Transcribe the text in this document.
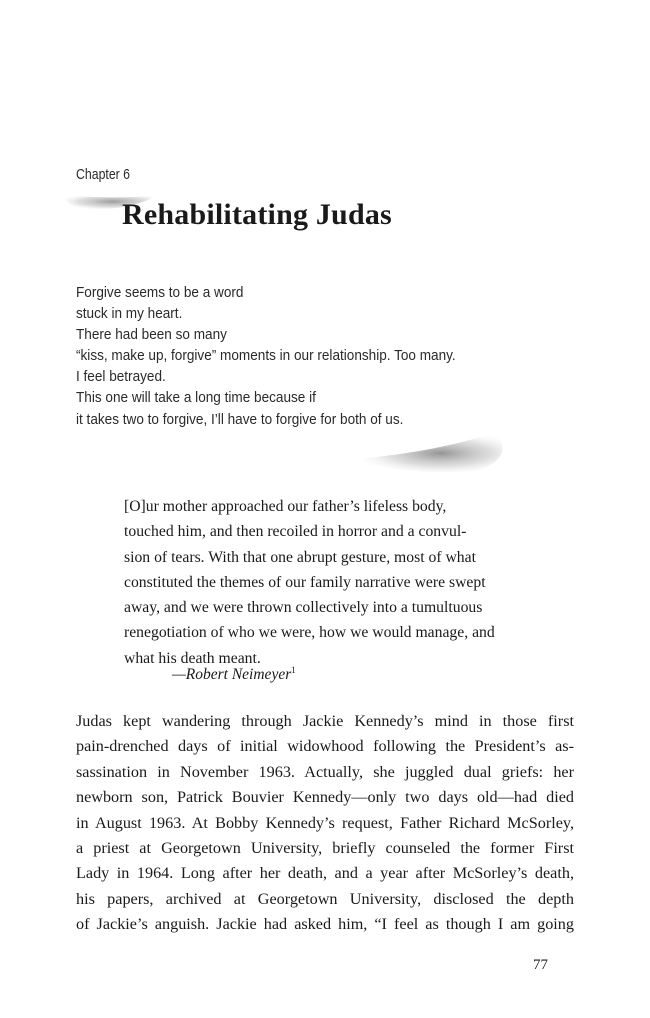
Chapter 6
Rehabilitating Judas
Forgive seems to be a word
stuck in my heart.
There had been so many
“kiss, make up, forgive” moments in our relationship. Too many.
I feel betrayed.
This one will take a long time because if
it takes two to forgive, I’ll have to forgive for both of us.
[O]ur mother approached our father’s lifeless body,
touched him, and then recoiled in horror and a convul-
sion of tears. With that one abrupt gesture, most of what
constituted the themes of our family narrative were swept
away, and we were thrown collectively into a tumultuous
renegotiation of who we were, how we would manage, and
what his death meant.
—Robert Neimeyer$^1$
Judas kept wandering through Jackie Kennedy’s mind in those first
pain-drenched days of initial widowhood following the President’s as-
sassination in November 1963. Actually, she juggled dual griefs: her
newborn son, Patrick Bouvier Kennedy—only two days old—had died
in August 1963. At Bobby Kennedy’s request, Father Richard McSorley,
a priest at Georgetown University, briefly counseled the former First
Lady in 1964. Long after her death, and a year after McSorley’s death,
his papers, archived at Georgetown University, disclosed the depth
of Jackie’s anguish. Jackie had asked him, “I feel as though I am going
77
